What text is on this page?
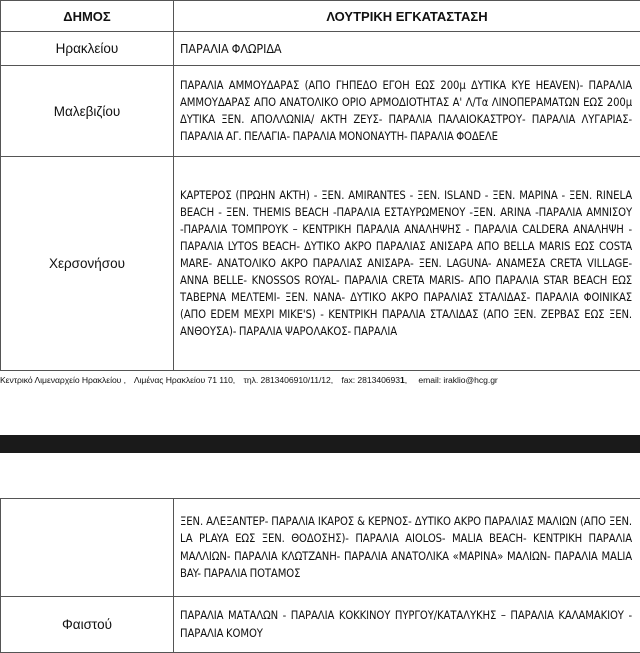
ΔΗΜΟΣ	ΛΟΥΤΡΙΚΗ ΕΓΚΑΤΑΣΤΑΣΗ
Ηρακλείου	ΠΑΡΑΛΙΑ ΦΛΩΡΙΔΑ
Μαλεβιζίου	ΠΑΡΑΛΙΑ ΑΜΜΟΥΔΑΡΑΣ (ΑΠΟ ΓΗΠΕΔΟ ΕΓΟΗ ΕΩΣ 200μ ΔΥΤΙΚΑ ΚΥΕ HEAVEN)- ΠΑΡΑΛΙΑ ΑΜΜΟΥΔΑΡΑΣ ΑΠΟ ΑΝΑΤΟΛΙΚΟ ΟΡΙΟ ΑΡΜΟΔΙΟΤΗΤΑΣ Α' Λ/Τα ΛΙΝΟΠΕΡΑΜΑΤΩΝ ΕΩΣ 200μ ΔΥΤΙΚΑ ΞΕΝ. ΑΠΟΛΛΩΝΙΑ/ ΑΚΤΗ ΖΕΥΣ- ΠΑΡΑΛΙΑ ΠΑΛΑΙΟΚΑΣΤΡΟΥ- ΠΑΡΑΛΙΑ ΛΥΓΑΡΙΑΣ- ΠΑΡΑΛΙΑ ΑΓ. ΠΕΛΑΓΙΑ- ΠΑΡΑΛΙΑ ΜΟΝΟΝΑΥΤΗ- ΠΑΡΑΛΙΑ ΦΟΔΕΛΕ
Χερσονήσου	ΚΑΡΤΕΡΟΣ (ΠΡΩΗΝ ΑΚΤΗ) - ΞΕΝ. AMIRANTES - ΞΕΝ. ISLAND - ΞΕΝ. ΜΑΡΙΝΑ - ΞΕΝ. RINELA BEACH - ΞΕΝ. THEMIS BEACH -ΠΑΡΑΛΙΑ ΕΣΤΑΥΡΩΜΕΝΟΥ -ΞΕΝ. ARINA -ΠΑΡΑΛΙΑ ΑΜΝΙΣΟΥ -ΠΑΡΑΛΙΑ ΤΟΜΠΡΟΥΚ – ΚΕΝΤΡΙΚΗ ΠΑΡΑΛΙΑ ΑΝΑΛΗΨΗΣ - ΠΑΡΑΛΙΑ CALDERA ΑΝΑΛΗΨΗ - ΠΑΡΑΛΙΑ LYTOS BEACH- ΔΥΤΙΚΟ ΑΚΡΟ ΠΑΡΑΛΙΑΣ ΑΝΙΣΑΡΑ ΑΠΟ BELLA MARIS ΕΩΣ COSTA MARE- ΑΝΑΤΟΛΙΚΟ ΑΚΡΟ ΠΑΡΑΛΙΑΣ ΑΝΙΣΑΡΑ- ΞΕΝ. LAGUNA- ΑΝΑΜΕΣΑ CRETA VILLAGE-ANNA BELLE- KNOSSOS ROYAL- ΠΑΡΑΛΙΑ CRETA MARIS- ΑΠΟ ΠΑΡΑΛΙΑ STAR BEACH ΕΩΣ ΤΑΒΕΡΝΑ ΜΕΛΤΕΜΙ- ΞΕΝ. ΝΑΝΑ- ΔΥΤΙΚΟ ΑΚΡΟ ΠΑΡΑΛΙΑΣ ΣΤΑΛΙΔΑΣ- ΠΑΡΑΛΙΑ ΦΟΙΝΙΚΑΣ (ΑΠΟ EDEM ΜΕΧΡΙ MIKE'S) - ΚΕΝΤΡΙΚΗ ΠΑΡΑΛΙΑ ΣΤΑΛΙΔΑΣ (ΑΠΟ ΞΕΝ. ΖΕΡΒΑΣ ΕΩΣ ΞΕΝ. ΑΝΘΟΥΣΑ)- ΠΑΡΑΛΙΑ ΨΑΡΟΛΑΚΟΣ- ΠΑΡΑΛΙΑ
Κεντρικό Λιμεναρχείο Ηρακλείου , Λιμένας Ηρακλείου 71 110, τηλ. 2813406910/11/12, fax: 2813406931, email: iraklio@hcg.gr
	ΞΕΝ. ΑΛΕΞΑΝΤΕΡ- ΠΑΡΑΛΙΑ ΙΚΑΡΟΣ & ΚΕΡΝΟΣ- ΔΥΤΙΚΟ ΑΚΡΟ ΠΑΡΑΛΙΑΣ ΜΑΛΙΩΝ (ΑΠΟ ΞΕΝ. LA PLAYA ΕΩΣ ΞΕΝ. ΘΟΔΟΣΗΣ)- ΠΑΡΑΛΙΑ AIOLOS- MALIA BEACH- ΚΕΝΤΡΙΚΗ ΠΑΡΑΛΙΑ ΜΑΛΛΙΩΝ- ΠΑΡΑΛΙΑ ΚΛΩΤΖΑΝΗ- ΠΑΡΑΛΙΑ ΑΝΑΤΟΛΙΚΑ «ΜΑΡΙΝΑ» ΜΑΛΙΩΝ- ΠΑΡΑΛΙΑ MALIA BAY- ΠΑΡΑΛΙΑ ΠΟΤΑΜΟΣ
Φαιστού	ΠΑΡΑΛΙΑ ΜΑΤΑΛΩΝ - ΠΑΡΑΛΙΑ ΚΟΚΚΙΝΟΥ ΠΥΡΓΟΥ/ΚΑΤΑΛΥΚΗΣ – ΠΑΡΑΛΙΑ ΚΑΛΑΜΑΚΙΟΥ - ΠΑΡΑΛΙΑ ΚΟΜΟΥ
